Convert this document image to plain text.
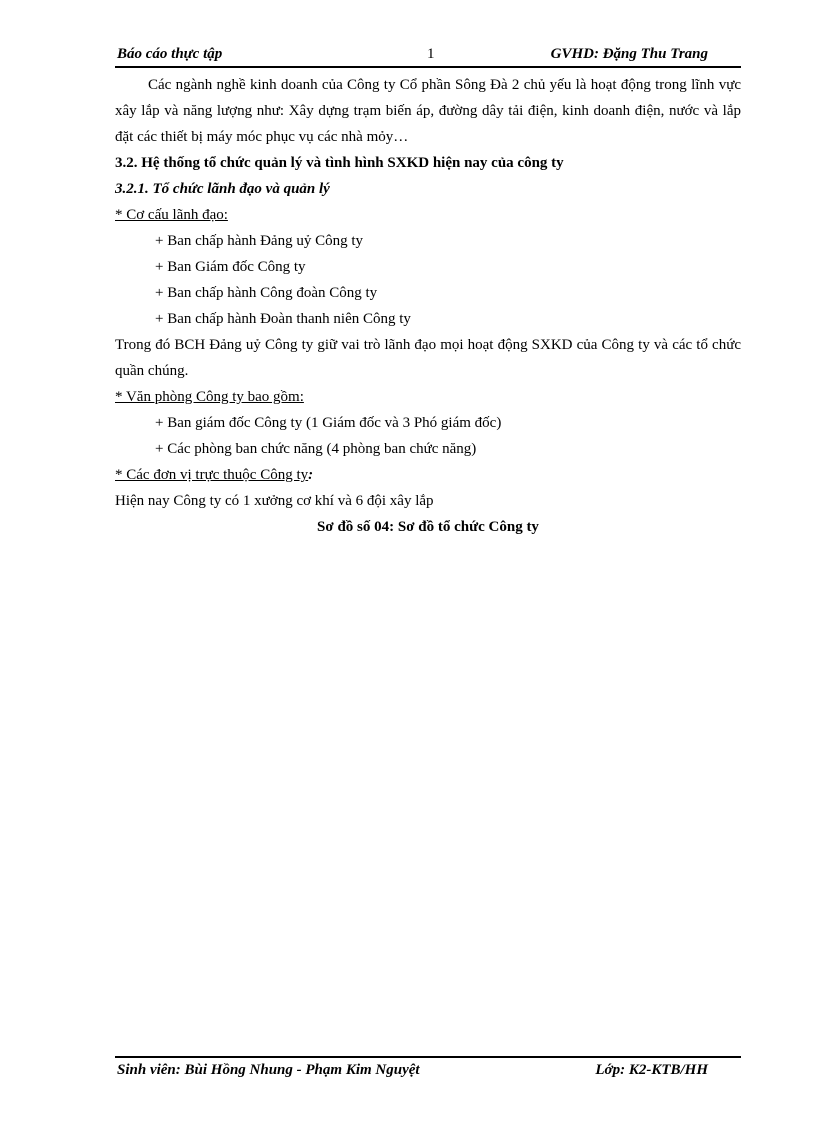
Báo cáo thực tập	1	GVHD: Đặng Thu Trang

Các ngành nghề kinh doanh của Công ty Cổ phần Sông Đà 2 chủ yếu là hoạt động trong lĩnh vực xây lắp và năng lượng như: Xây dựng trạm biến áp, đường dây tải điện, kinh doanh điện, nước và lắp đặt các thiết bị máy móc phục vụ các nhà mỏy…

3.2. Hệ thống tổ chức quản lý và tình hình SXKD hiện nay của công ty
3.2.1. Tổ chức lãnh đạo và quản lý
* Cơ cấu lãnh đạo:
+ Ban chấp hành Đảng uỷ Công ty
+ Ban Giám đốc Công ty
+ Ban chấp hành Công đoàn Công ty
+ Ban chấp hành Đoàn thanh niên Công ty

Trong đó BCH Đảng uỷ Công ty giữ vai trò lãnh đạo mọi hoạt động SXKD của Công ty và các tổ chức quần chúng.

* Văn phòng Công ty bao gồm:
+ Ban giám đốc Công ty (1 Giám đốc và 3 Phó giám đốc)
+ Các phòng ban chức năng (4 phòng ban chức năng)
* Các đơn vị trực thuộc Công ty:
Hiện nay Công ty có 1 xưởng cơ khí và 6 đội xây lắp
Sơ đồ số 04: Sơ đồ tổ chức Công ty
Sinh viên: Bùi Hồng Nhung - Phạm Kim Nguyệt	Lớp: K2-KTB/HH
